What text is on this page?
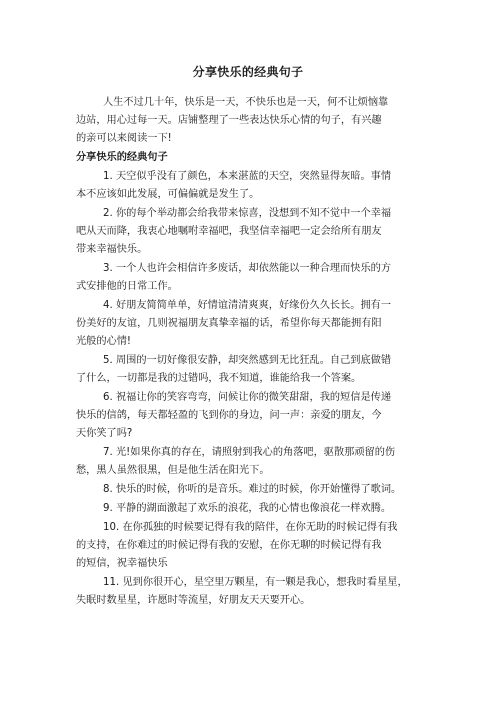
分享快乐的经典句子
人生不过几十年，快乐是一天，不快乐也是一天，何不让烦恼靠
边站，用心过每一天。店铺整理了一些表达快乐心情的句子，有兴趣
的亲可以来阅读一下!
分享快乐的经典句子
1. 天空似乎没有了颜色，本来湛蓝的天空，突然显得灰暗。事情
本不应该如此发展，可偏偏就是发生了。
2. 你的每个举动都会给我带来惊喜，没想到不知不觉中一个幸福
吧从天而降，我衷心地嘱咐幸福吧，我坚信幸福吧一定会给所有朋友
带来幸福快乐。
3. 一个人也许会相信许多废话，却依然能以一种合理而快乐的方
式安排他的日常工作。
4. 好朋友简简单单，好情谊清清爽爽，好缘份久久长长。拥有一
份美好的友谊，几则祝福朋友真挚幸福的话，希望你每天都能拥有阳
光般的心情!
5. 周围的一切好像很安静，却突然感到无比狂乱。自己到底做错
了什么，一切都是我的过错吗，我不知道，谁能给我一个答案。
6. 祝福让你的笑容弯弯，问候让你的微笑甜甜，我的短信是传递
快乐的信鸽，每天都轻盈的飞到你的身边，问一声：亲爱的朋友，今
天你笑了吗?
7. 光!如果你真的存在，请照射到我心的角落吧，驱散那顽留的伤
愁，黑人虽然很黑，但是他生活在阳光下。
8. 快乐的时候，你听的是音乐。难过的时候，你开始懂得了歌词。
9. 平静的湖面激起了欢乐的浪花，我的心情也像浪花一样欢腾。
10. 在你孤独的时候要记得有我的陪伴，在你无助的时候记得有我
的支持，在你难过的时候记得有我的安慰，在你无聊的时候记得有我
的短信，祝幸福快乐
11. 见到你很开心，星空里万颗星，有一颗是我心，想我时看星星，
失眠时数星星，许愿时等流星，好朋友天天要开心。
